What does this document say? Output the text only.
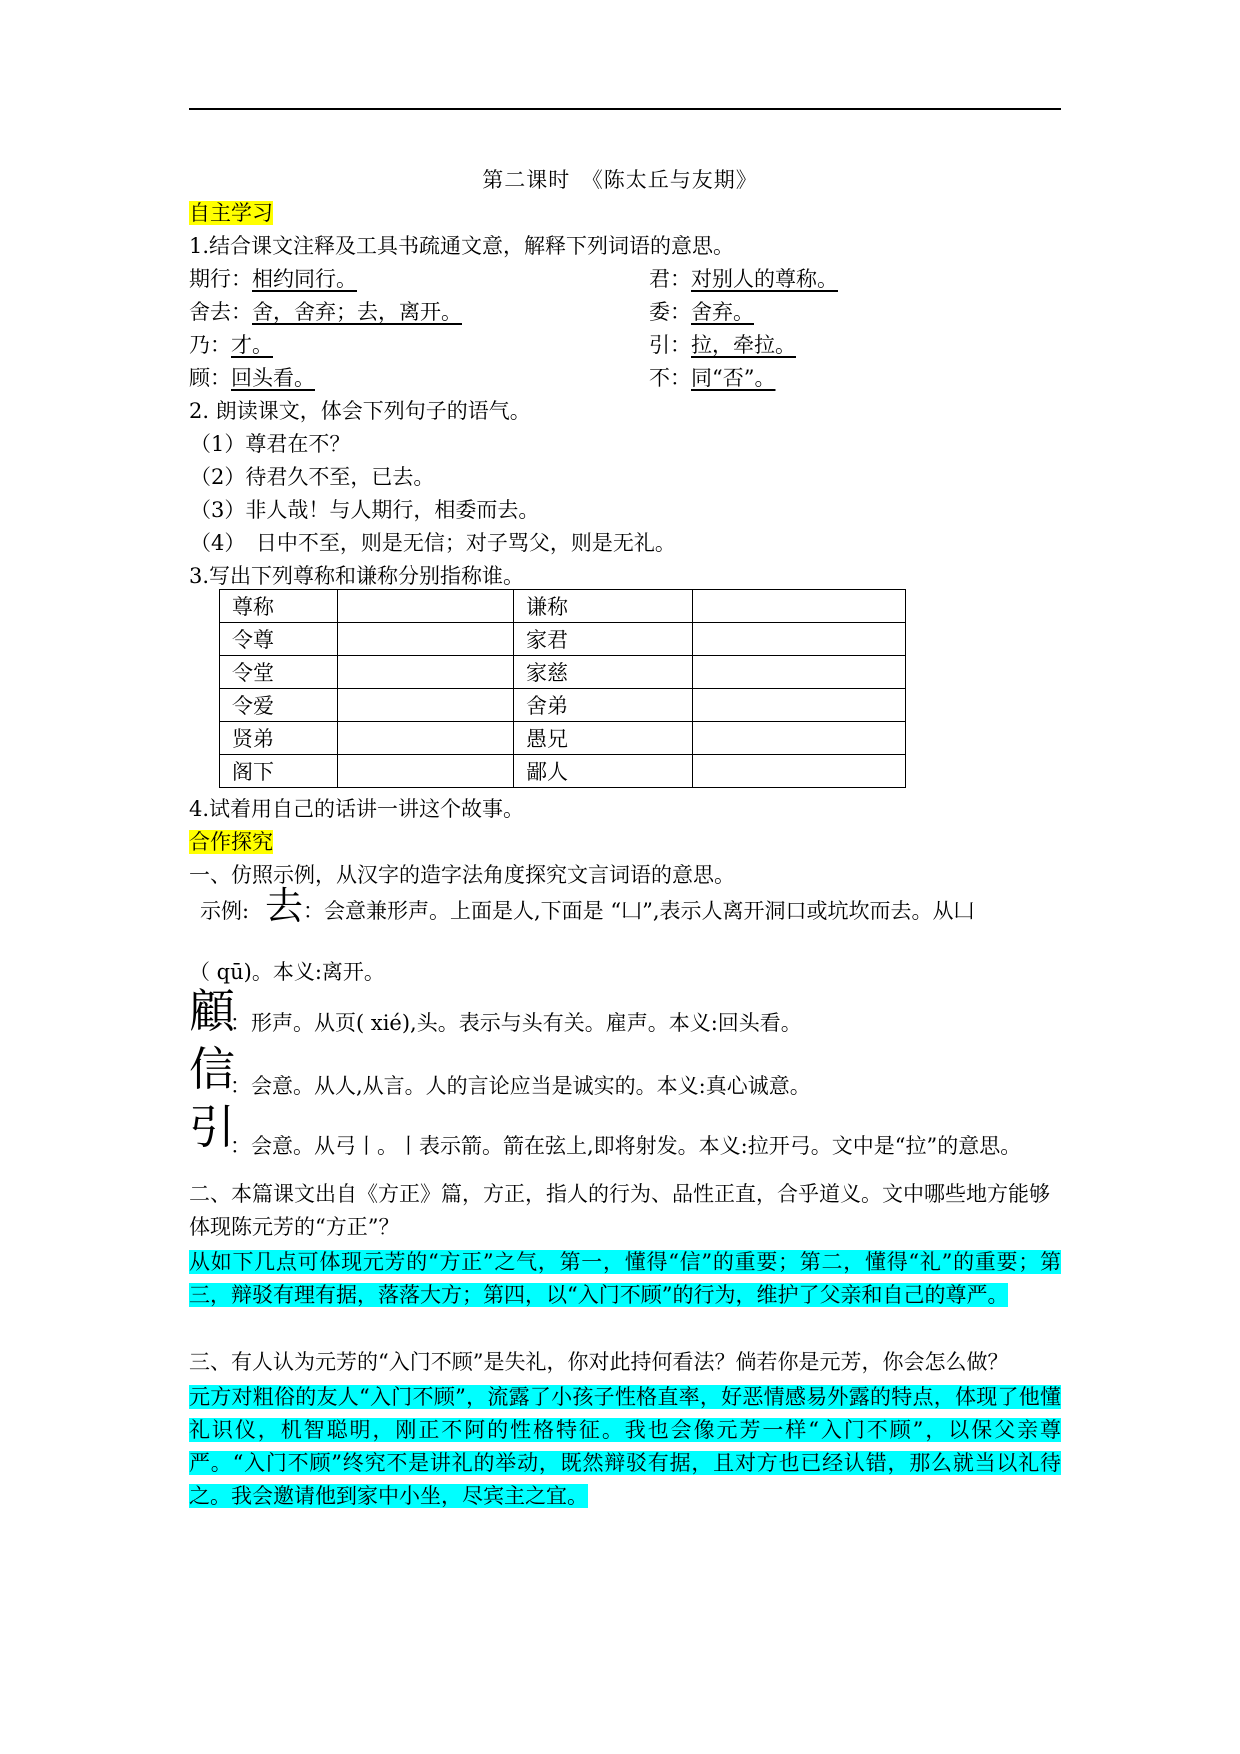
第二课时　《陈太丘与友期》
自主学习
1.结合课文注释及工具书疏通文意，解释下列词语的意思。
期行：相约同行。	君：对别人的尊称。
舍去：舍，舍弃；去，离开。	委：舍弃。
乃：才。	引：拉，牵拉。
顾：回头看。	不：同“否”。
2. 朗读课文，体会下列句子的语气。
（1）尊君在不？
（2）待君久不至，已去。
（3）非人哉！与人期行，相委而去。
（4）　日中不至，则是无信；对子骂父，则是无礼。
3.写出下列尊称和谦称分别指称谁。
尊称		谦称	
令尊		家君	
令堂		家慈	
令爱		舍弟	
贤弟		愚兄	
阁下		鄙人	
4.试着用自己的话讲一讲这个故事。
合作探究
一、仿照示例，从汉字的造字法角度探究文言词语的意思。
示例: 去 ：会意兼形声。上面是人,下面是 “凵”,表示人离开洞口或坑坎而去。从凵
（ qū)。本义:离开。
顧
：形声。从页( xié),头。表示与头有关。雇声。本义:回头看。
信
：会意。从人,从言。人的言论应当是诚实的。本义:真心诚意。
引
：会意。从弓丨。丨表示箭。箭在弦上,即将射发。本义:拉开弓。文中是“拉”的意思。
二、本篇课文出自《方正》篇，方正，指人的行为、品性正直，合乎道义。文中哪些地方能够
体现陈元芳的“方正”？
从如下几点可体现元芳的“方正”之气，第一，懂得“信”的重要；第二，懂得“礼”的重要；第三，辩驳有理有据，落落大方；第四，以“入门不顾”的行为，维护了父亲和自己的尊严。
三、有人认为元芳的“入门不顾”是失礼，你对此持何看法？倘若你是元芳，你会怎么做？
元方对粗俗的友人“入门不顾”，流露了小孩子性格直率，好恶情感易外露的特点，体现了他懂礼识仪，机智聪明，刚正不阿的性格特征。我也会像元芳一样“入门不顾”，以保父亲尊严。“入门不顾”终究不是讲礼的举动，既然辩驳有据，且对方也已经认错，那么就当以礼待之。我会邀请他到家中小坐，尽宾主之宜。
